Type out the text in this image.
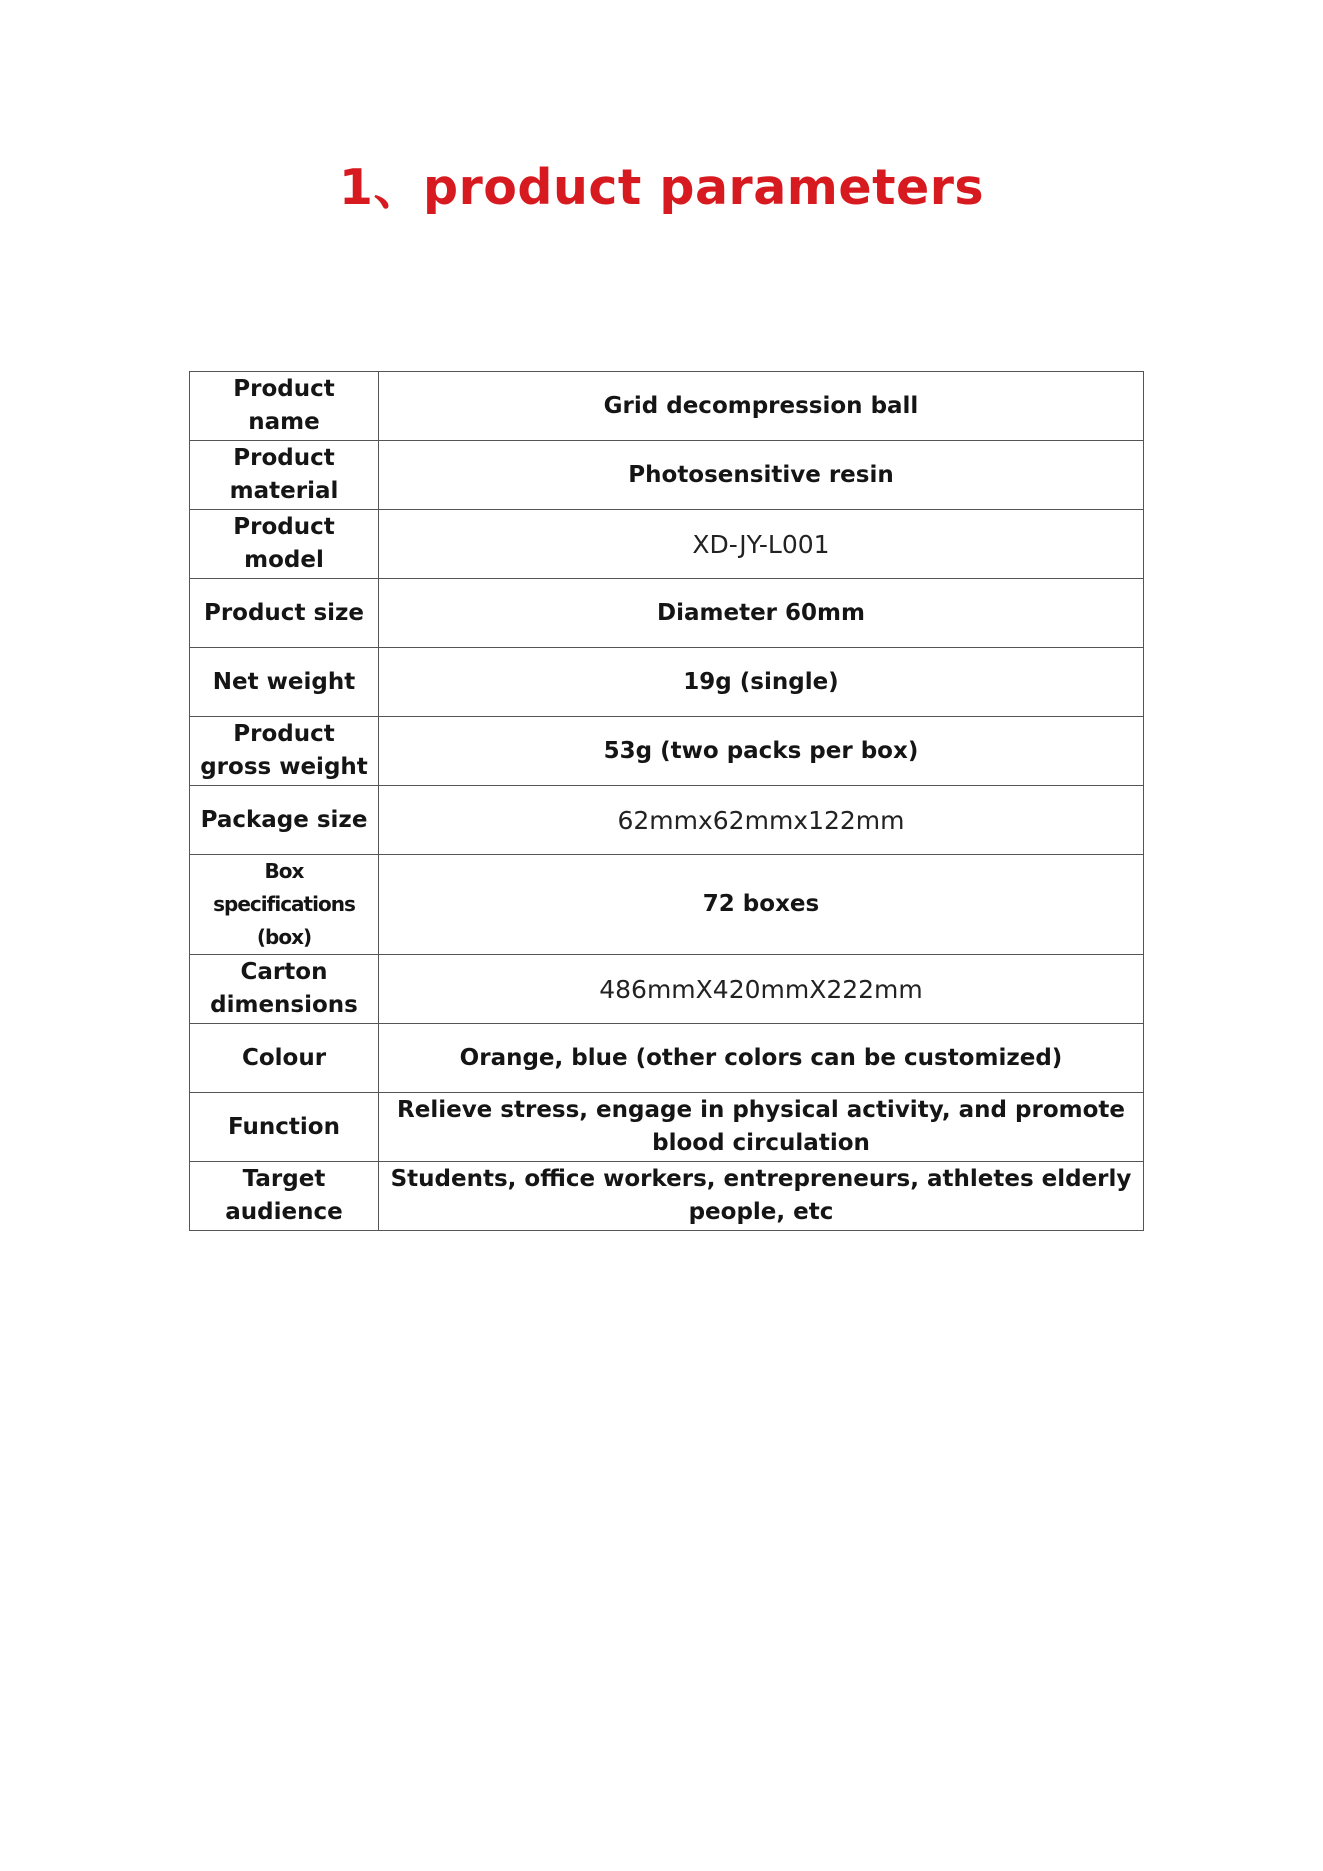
1、product parameters
Product name	Grid decompression ball
Product material	Photosensitive resin
Product model	XD-JY-L001
Product size	Diameter 60mm
Net weight	19g (single)
Product gross weight	53g (two packs per box)
Package size	62mmx62mmx122mm
Box specifications (box)	72 boxes
Carton dimensions	486mmX420mmX222mm
Colour	Orange, blue (other colors can be customized)
Function	Relieve stress, engage in physical activity, and promote blood circulation
Target audience	Students, office workers, entrepreneurs, athletes elderly people, etc
